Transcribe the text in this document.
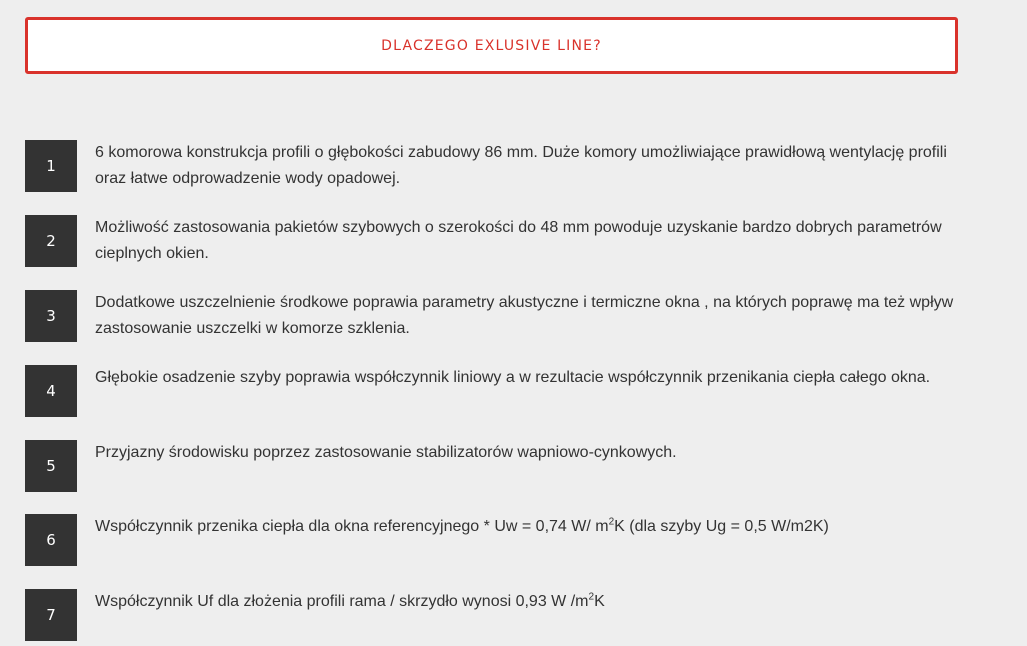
DLACZEGO EXLUSIVE LINE?
1
6 komorowa konstrukcja profili o głębokości zabudowy 86 mm. Duże komory umożliwiające prawidłową wentylację profili oraz łatwe odprowadzenie wody opadowej.
2
Możliwość zastosowania pakietów szybowych o szerokości do 48 mm powoduje uzyskanie bardzo dobrych parametrów cieplnych okien.
3
Dodatkowe uszczelnienie środkowe poprawia parametry akustyczne i termiczne okna , na których poprawę ma też wpływ zastosowanie uszczelki w komorze szklenia.
4
Głębokie osadzenie szyby poprawia współczynnik liniowy a w rezultacie współczynnik przenikania ciepła całego okna.
5
Przyjazny środowisku poprzez zastosowanie stabilizatorów wapniowo-cynkowych.
6
Współczynnik przenika ciepła dla okna referencyjnego * Uw = 0,74 W/ $m^2K$ (dla szyby Ug = 0,5 W/m2K)
7
Współczynnik Uf dla złożenia profili rama / skrzydło wynosi 0,93 W $/m^2K$
